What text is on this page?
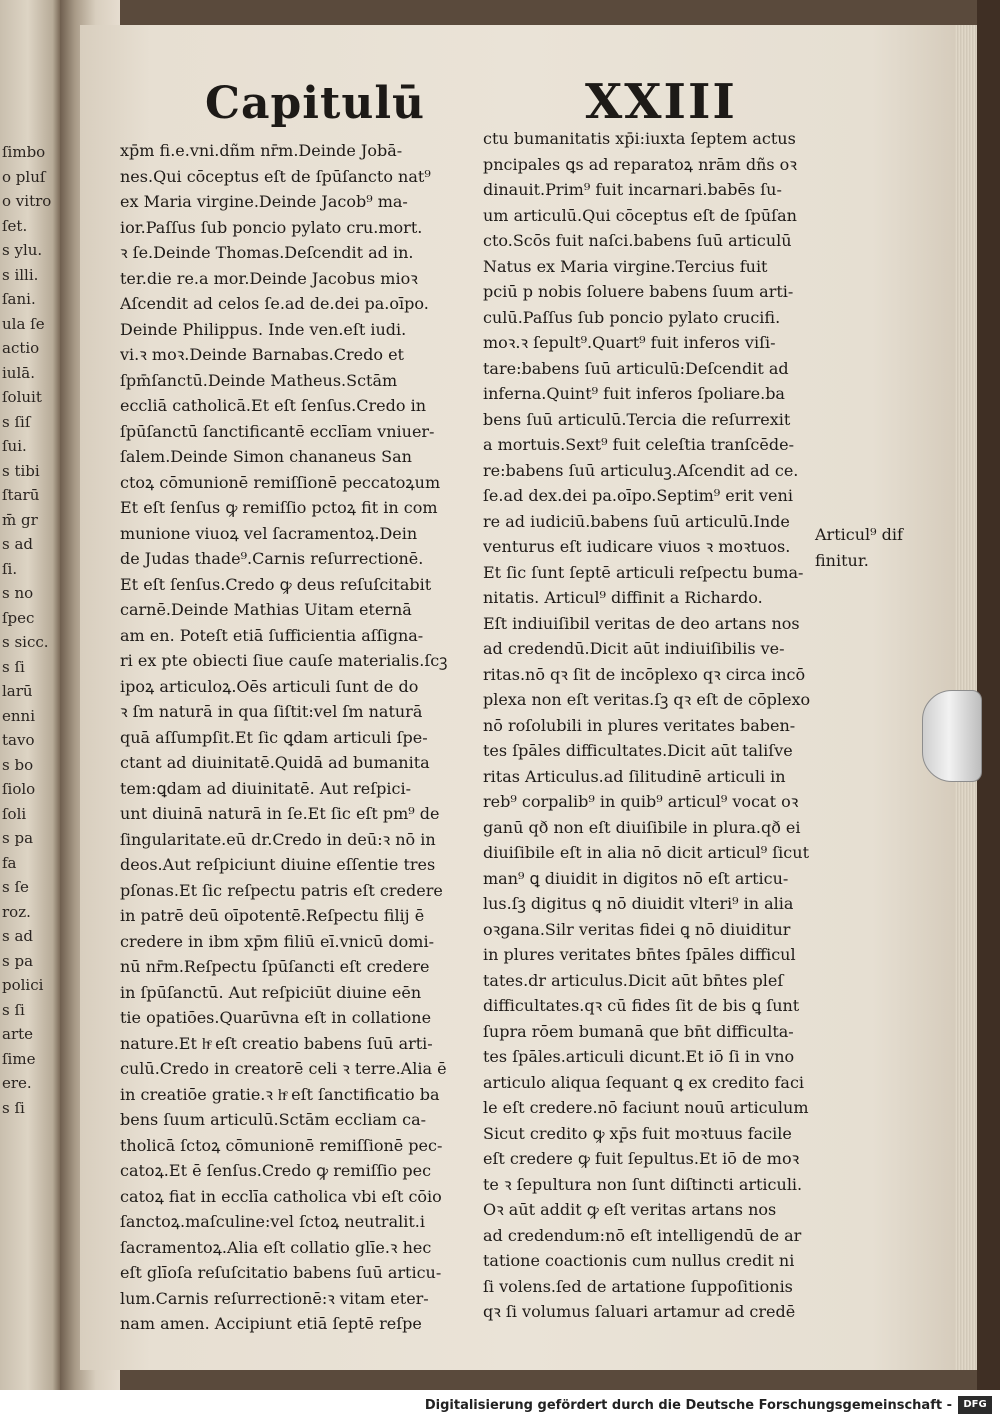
ſimbo
o pluſ
o vitro
ſet.
s ylu.
s illi.
ſani.
ula ſe
actio
iulā.
ſoluit
s ſiſ
ſui.
s tibi
ſtarū
m̄ gr
s ad
ſi.
s no
ſpec
s sicc.
s ſi
larū
enni
tavo
s bo
ſiolo
ſoli
s pa
fa
s ſe
roz.
s ad
s pa
polici
s ſi
arte
ſime
ere.
s ſi
Capitulū	XXIII
xp̄m fi.e.vni.dñm nr̄m.Deinde Jobā-
nes.Qui cōceptus eſt de ſpūſancto nat⁹
ex Maria virgine.Deinde Jacob⁹ ma-
ior.Paſſus ſub poncio pylato cru.mort.
ꝛ ſe.Deinde Thomas.Deſcendit ad in.
ter.die re.a mor.Deinde Jacobus mioꝛ
Aſcendit ad celos ſe.ad de.dei pa.oīpo.
Deinde Philippus. Inde ven.eſt iudi.
vi.ꝛ moꝛ.Deinde Barnabas.Credo et
ſpm̄ſanctū.Deinde Matheus.Sctām
eccliā catholicā.Et eſt ſenſus.Credo in
ſpūſanctū ſanctificantē ecclīam vniuer-
ſalem.Deinde Simon chananeus San
ctoꝝ cōmunionē remiſſionē peccatoꝝum
Et eſt ſenſus ꝙ remiſſio pctoꝝ fit in com
munione viuoꝝ vel ſacramentoꝝ.Dein
de Judas thade⁹.Carnis reſurrectionē.
Et eſt ſenſus.Credo ꝙ deus reſuſcitabit
carnē.Deinde Mathias Uitam eternā
am en. Poteſt etiā ſufficientia aſſigna-
ri ex pte obiecti ſiue cauſe materialis.ſcꝫ
ipoꝝ articuloꝝ.Oēs articuli ſunt de do
ꝛ ſm naturā in qua ſiſtit:vel ſm naturā
quā aſſumpſit.Et ſic ꝗdam articuli ſpe-
ctant ad diuinitatē.Quidā ad bumanita
tem:ꝗdam ad diuinitatē. Aut reſpici-
unt diuinā naturā in ſe.Et ſic eſt pm⁹ de
ſingularitate.eū dr.Credo in deū:ꝛ nō in
deos.Aut reſpiciunt diuine eſſentie tres
pſonas.Et ſic reſpectu patris eſt credere
in patrē deū oīpotentē.Reſpectu filij ē
credere in ibm xp̄m filiū eī.vnicū domi-
nū nr̄m.Reſpectu ſpūſancti eſt credere
in ſpūſanctū. Aut reſpiciūt diuine eēn
tie opatiōes.Quarūvna eſt in collatione
nature.Et hͤ eſt creatio babens ſuū arti-
culū.Credo in creatorē celi ꝛ terre.Alia ē
in creatiōe gratie.ꝛ hͤ eſt ſanctificatio ba
bens ſuum articulū.Sctām eccliam ca-
tholicā ſctoꝝ cōmunionē remiſſionē pec-
catoꝝ.Et ē ſenſus.Credo ꝙ remiſſio pec
catoꝝ fiat in ecclīa catholica vbi eſt cōio
ſanctoꝝ.maſculine:vel ſctoꝝ neutralit.i
ſacramentoꝝ.Alia eſt collatio glīe.ꝛ hec
eſt glīoſa reſuſcitatio babens ſuū articu-
lum.Carnis reſurrectionē:ꝛ vitam eter-
nam amen. Accipiunt etiā ſeptē reſpe
ctu bumanitatis xp̄i:iuxta ſeptem actus
pncipales ꝗs ad reparatoꝝ nrām dñs oꝛ
dinauit.Prim⁹ fuit incarnari.babēs ſu-
um articulū.Qui cōceptus eſt de ſpūſan
cto.Scōs fuit naſci.babens ſuū articulū
Natus ex Maria virgine.Tercius fuit
pciū p nobis ſoluere babens ſuum arti-
culū.Paſſus ſub poncio pylato crucifi.
moꝛ.ꝛ ſepult⁹.Quart⁹ fuit inferos viſi-
tare:babens ſuū articulū:Deſcendit ad
inferna.Quint⁹ fuit inferos ſpoliare.ba
bens ſuū articulū.Tercia die reſurrexit
a mortuis.Sext⁹ fuit celeſtia tranſcēde-
re:babens ſuū articuluꝫ.Aſcendit ad ce.
ſe.ad dex.dei pa.oīpo.Septim⁹ erit veni
re ad iudiciū.babens ſuū articulū.Inde
venturus eſt iudicare viuos ꝛ moꝛtuos.
Et ſic ſunt ſeptē articuli reſpectu buma-
nitatis. Articul⁹ diffinit a Richardo.
Eſt indiuiſibil veritas de deo artans nos
ad credendū.Dicit aūt indiuiſibilis ve-
ritas.nō qꝛ ſit de incōplexo qꝛ circa incō
plexa non eſt veritas.ſꝫ qꝛ eſt de cōplexo
nō roſolubili in plures veritates baben-
tes ſpāles difficultates.Dicit aūt taliſve
ritas Articulus.ad ſilitudinē articuli in
reb⁹ corpalib⁹ in quib⁹ articul⁹ vocat oꝛ
ganū qð non eſt diuiſibile in plura.qð ei
diuiſibile eſt in alia nō dicit articul⁹ ſicut
man⁹ ꝗ diuidit in digitos nō eſt articu-
lus.ſꝫ digitus ꝗ nō diuidit vlteri⁹ in alia
oꝛgana.Silr veritas fidei ꝗ nō diuiditur
in plures veritates bn̄tes ſpāles difficul
tates.dr articulus.Dicit aūt bn̄tes pleſ
difficultates.qꝛ cū fides ſit de bis ꝗ ſunt
ſupra rōem bumanā que bn̄t difficulta-
tes ſpāles.articuli dicunt.Et iō ſi in vno
articulo aliqua ſequant ꝗ ex credito faci
le eſt credere.nō faciunt nouū articulum
Sicut credito ꝙ xp̄s fuit moꝛtuus facile
eſt credere ꝙ fuit ſepultus.Et iō de moꝛ
te ꝛ ſepultura non ſunt diſtincti articuli.
Oꝛ aūt addit ꝙ eſt veritas artans nos
ad credendum:nō eſt intelligendū de ar
tatione coactionis cum nullus credit ni
ſi volens.ſed de artatione ſuppoſitionis
qꝛ ſi volumus ſaluari artamur ad credē
Articul⁹ dif
finitur.
Digitalisierung gefördert durch die Deutsche Forschungsgemeinschaft -	DFG
